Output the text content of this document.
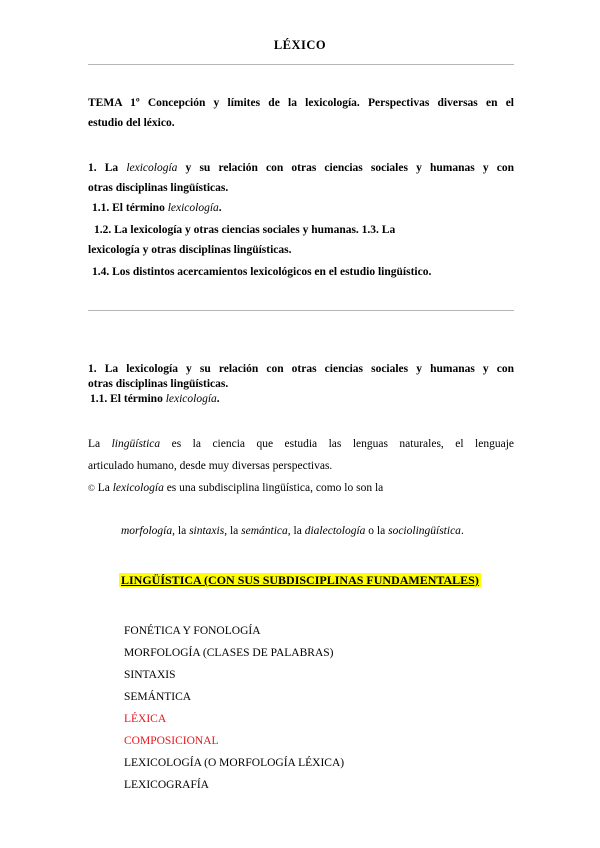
LÉXICO
TEMA 1º Concepción y límites de la lexicología. Perspectivas diversas en el
estudio del léxico.
1. La lexicología y su relación con otras ciencias sociales y humanas y con
otras disciplinas lingüísticas.
1.1. El término lexicología.
1.2. La lexicología y otras ciencias sociales y humanas. 1.3. La
lexicología y otras disciplinas lingüísticas.
1.4. Los distintos acercamientos lexicológicos en el estudio lingüístico.
1. La lexicología y su relación con otras ciencias sociales y humanas y con
otras disciplinas lingüísticas.
1.1. El término lexicología.
La lingüística es la ciencia que estudia las lenguas naturales, el lenguaje
articulado humano, desde muy diversas perspectivas.
© La lexicología es una subdisciplina lingüística, como lo son la
morfología, la sintaxis, la semántica, la dialectología o la sociolingüística.
LINGÜÍSTICA (CON SUS SUBDISCIPLINAS FUNDAMENTALES)
FONÉTICA Y FONOLOGÍA
MORFOLOGÍA (CLASES DE PALABRAS)
SINTAXIS
SEMÁNTICA
LÉXICA
COMPOSICIONAL
LEXICOLOGÍA (O MORFOLOGÍA LÉXICA)
LEXICOGRAFÍA
